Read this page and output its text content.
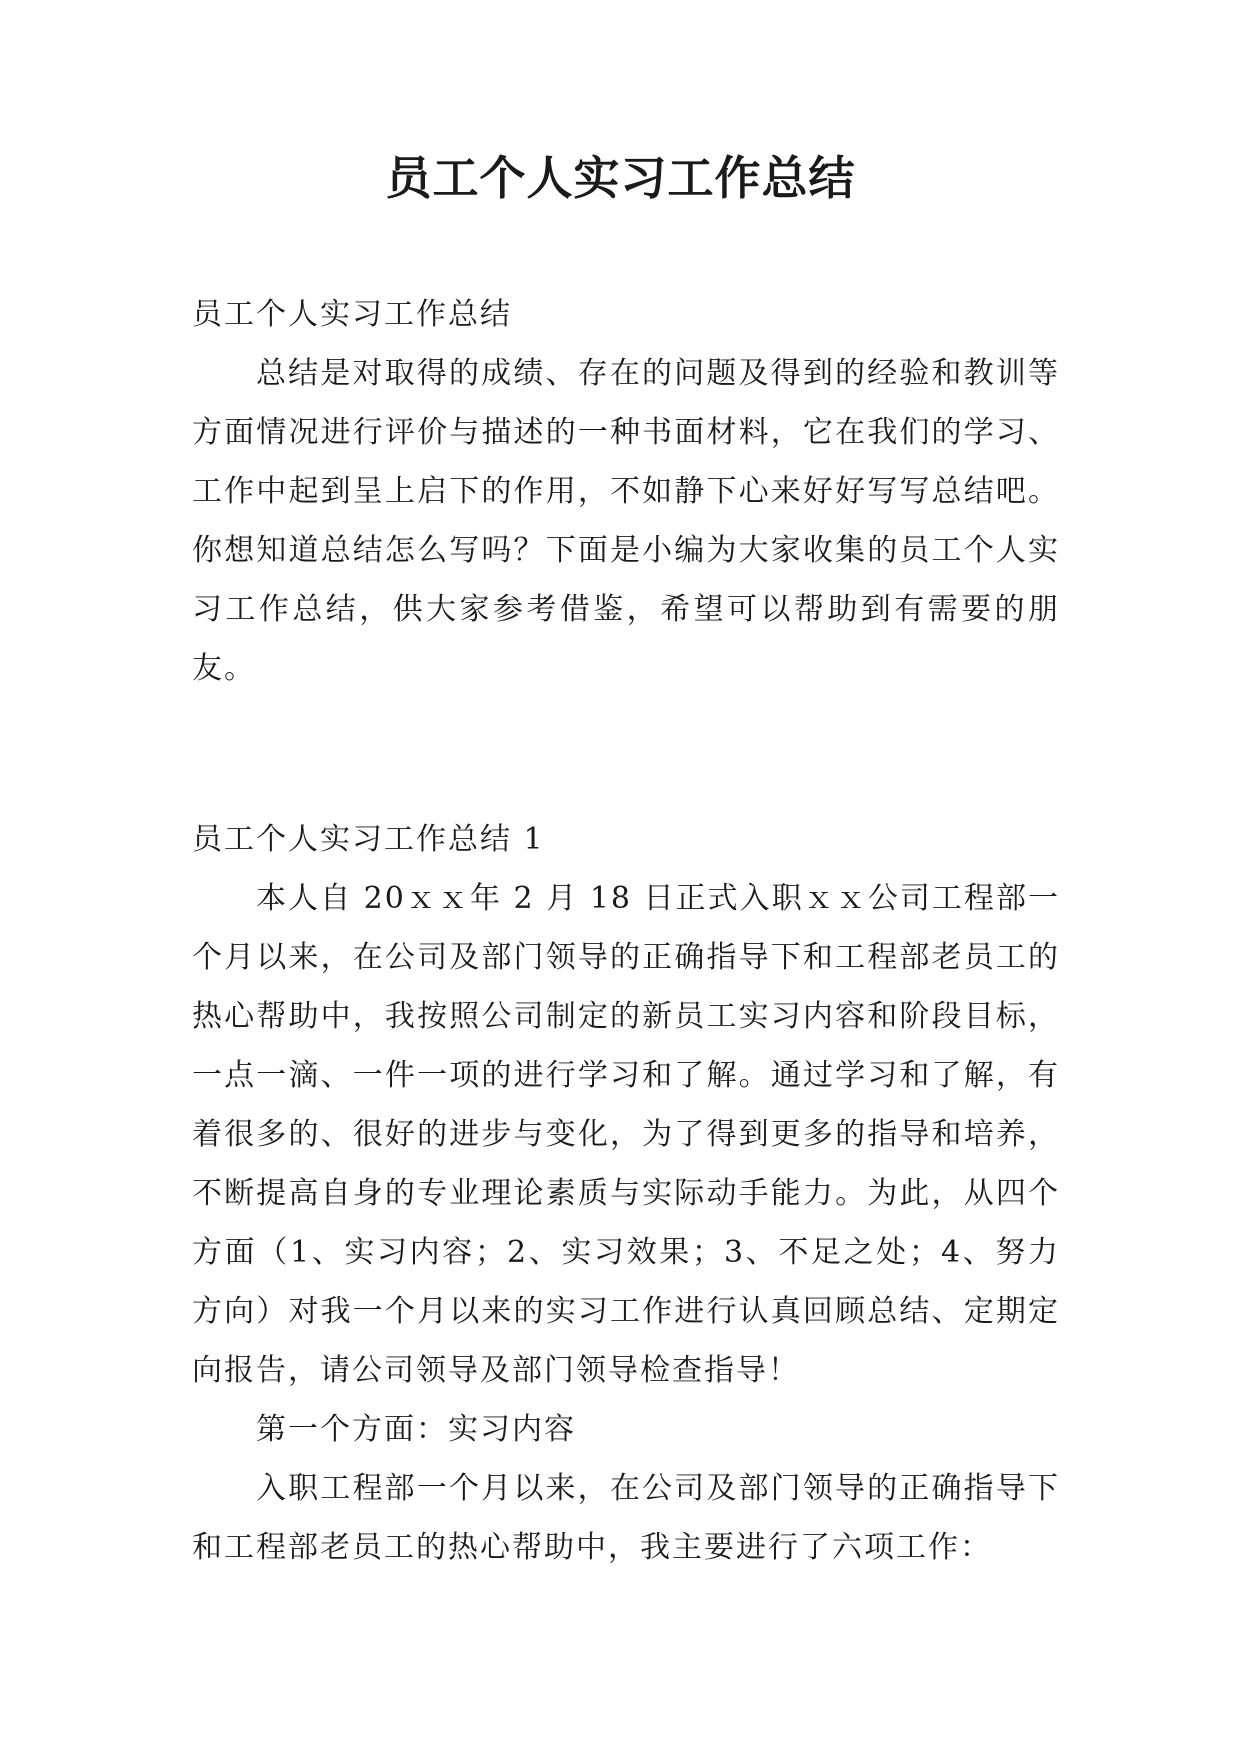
员工个人实习工作总结

员工个人实习工作总结

总结是对取得的成绩、存在的问题及得到的经验和教训等方面情况进行评价与描述的一种书面材料，它在我们的学习、工作中起到呈上启下的作用，不如静下心来好好写写总结吧。你想知道总结怎么写吗？下面是小编为大家收集的员工个人实习工作总结，供大家参考借鉴，希望可以帮助到有需要的朋友。

员工个人实习工作总结 1

本人自 20ｘｘ年 2 月 18 日正式入职ｘｘ公司工程部一个月以来，在公司及部门领导的正确指导下和工程部老员工的热心帮助中，我按照公司制定的新员工实习内容和阶段目标，一点一滴、一件一项的进行学习和了解。通过学习和了解，有着很多的、很好的进步与变化，为了得到更多的指导和培养，不断提高自身的专业理论素质与实际动手能力。为此，从四个方面（1、实习内容；2、实习效果；3、不足之处；4、努力方向）对我一个月以来的实习工作进行认真回顾总结、定期定向报告，请公司领导及部门领导检查指导！

第一个方面：实习内容

入职工程部一个月以来，在公司及部门领导的正确指导下和工程部老员工的热心帮助中，我主要进行了六项工作：
